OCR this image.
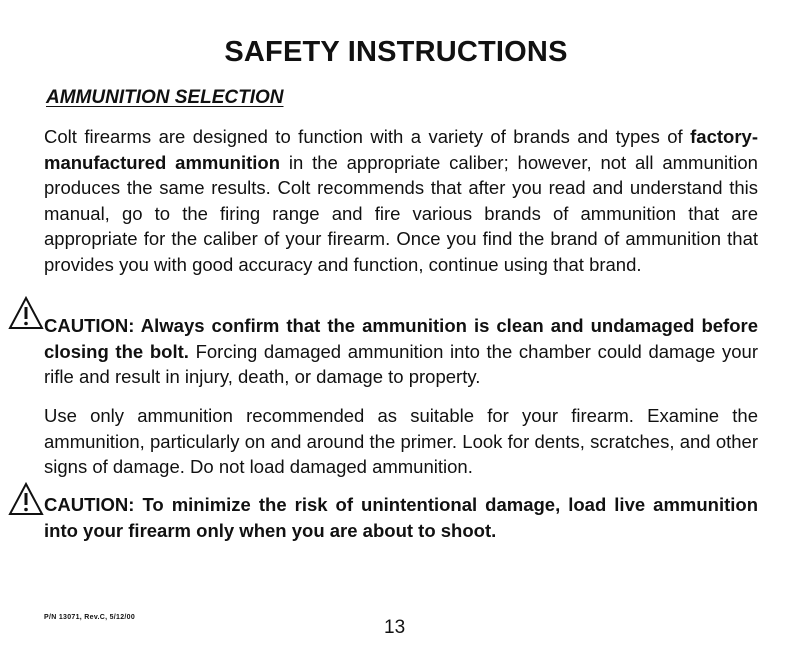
SAFETY INSTRUCTIONS
AMMUNITION SELECTION
Colt firearms are designed to function with a variety of brands and types of factory-manufactured ammunition in the appropriate caliber; however, not all ammunition produces the same results. Colt recommends that after you read and understand this manual, go to the firing range and fire various brands of ammunition that are appropriate for the caliber of your firearm. Once you find the brand of ammunition that provides you with good accuracy and function, continue using that brand.
CAUTION: Always confirm that the ammunition is clean and undamaged before closing the bolt. Forcing damaged ammunition into the chamber could damage your rifle and result in injury, death, or damage to property.
Use only ammunition recommended as suitable for your firearm. Examine the ammunition, particularly on and around the primer. Look for dents, scratches, and other signs of damage. Do not load damaged ammunition.
CAUTION: To minimize the risk of unintentional damage, load live ammunition into your firearm only when you are about to shoot.
P/N 13071, Rev.C, 5/12/00	13
